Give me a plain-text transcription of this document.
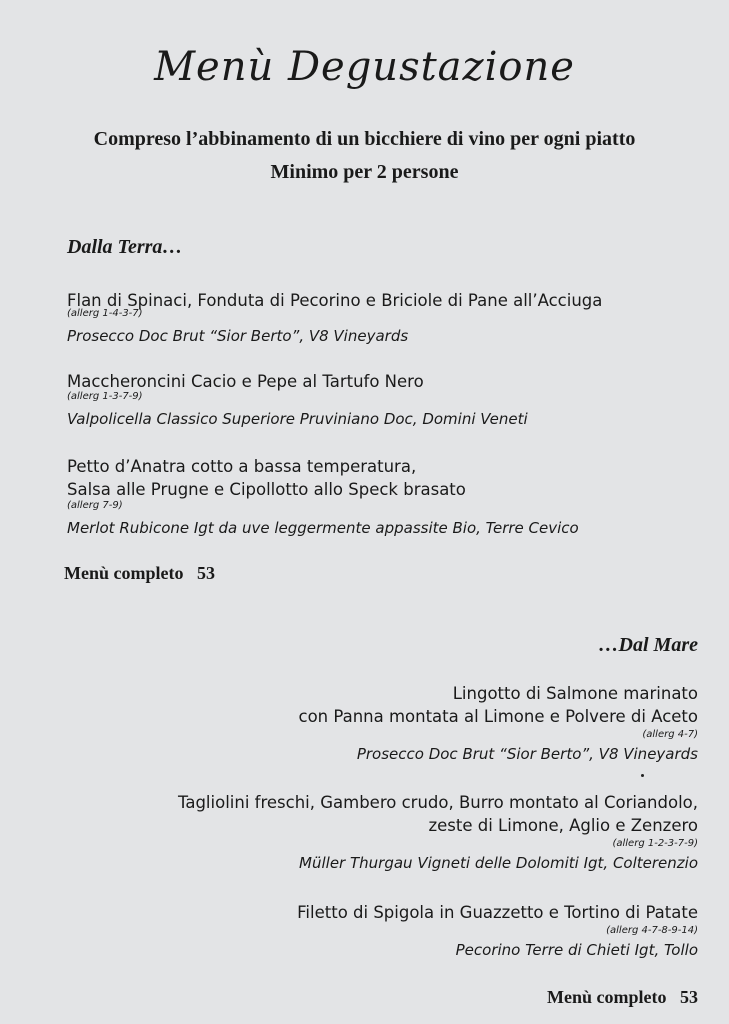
Menù Degustazione
Compreso l’abbinamento di un bicchiere di vino per ogni piatto
Minimo per 2 persone
Dalla Terra…
Flan di Spinaci, Fonduta di Pecorino e Briciole di Pane all’Acciuga
(allerg 1-4-3-7)
Prosecco Doc Brut “Sior Berto”, V8 Vineyards
Maccheroncini Cacio e Pepe al Tartufo Nero
(allerg 1-3-7-9)
Valpolicella Classico Superiore Pruviniano Doc, Domini Veneti
Petto d’Anatra cotto a bassa temperatura,
Salsa alle Prugne e Cipollotto allo Speck brasato
(allerg 7-9)
Merlot Rubicone Igt da uve leggermente appassite Bio, Terre Cevico
Menù completo 53
…Dal Mare
Lingotto di Salmone marinato
con Panna montata al Limone e Polvere di Aceto
(allerg 4-7)
Prosecco Doc Brut “Sior Berto”, V8 Vineyards
Tagliolini freschi, Gambero crudo, Burro montato al Coriandolo,
zeste di Limone, Aglio e Zenzero
(allerg 1-2-3-7-9)
Müller Thurgau Vigneti delle Dolomiti Igt, Colterenzio
Filetto di Spigola in Guazzetto e Tortino di Patate
(allerg 4-7-8-9-14)
Pecorino Terre di Chieti Igt, Tollo
Menù completo 53
